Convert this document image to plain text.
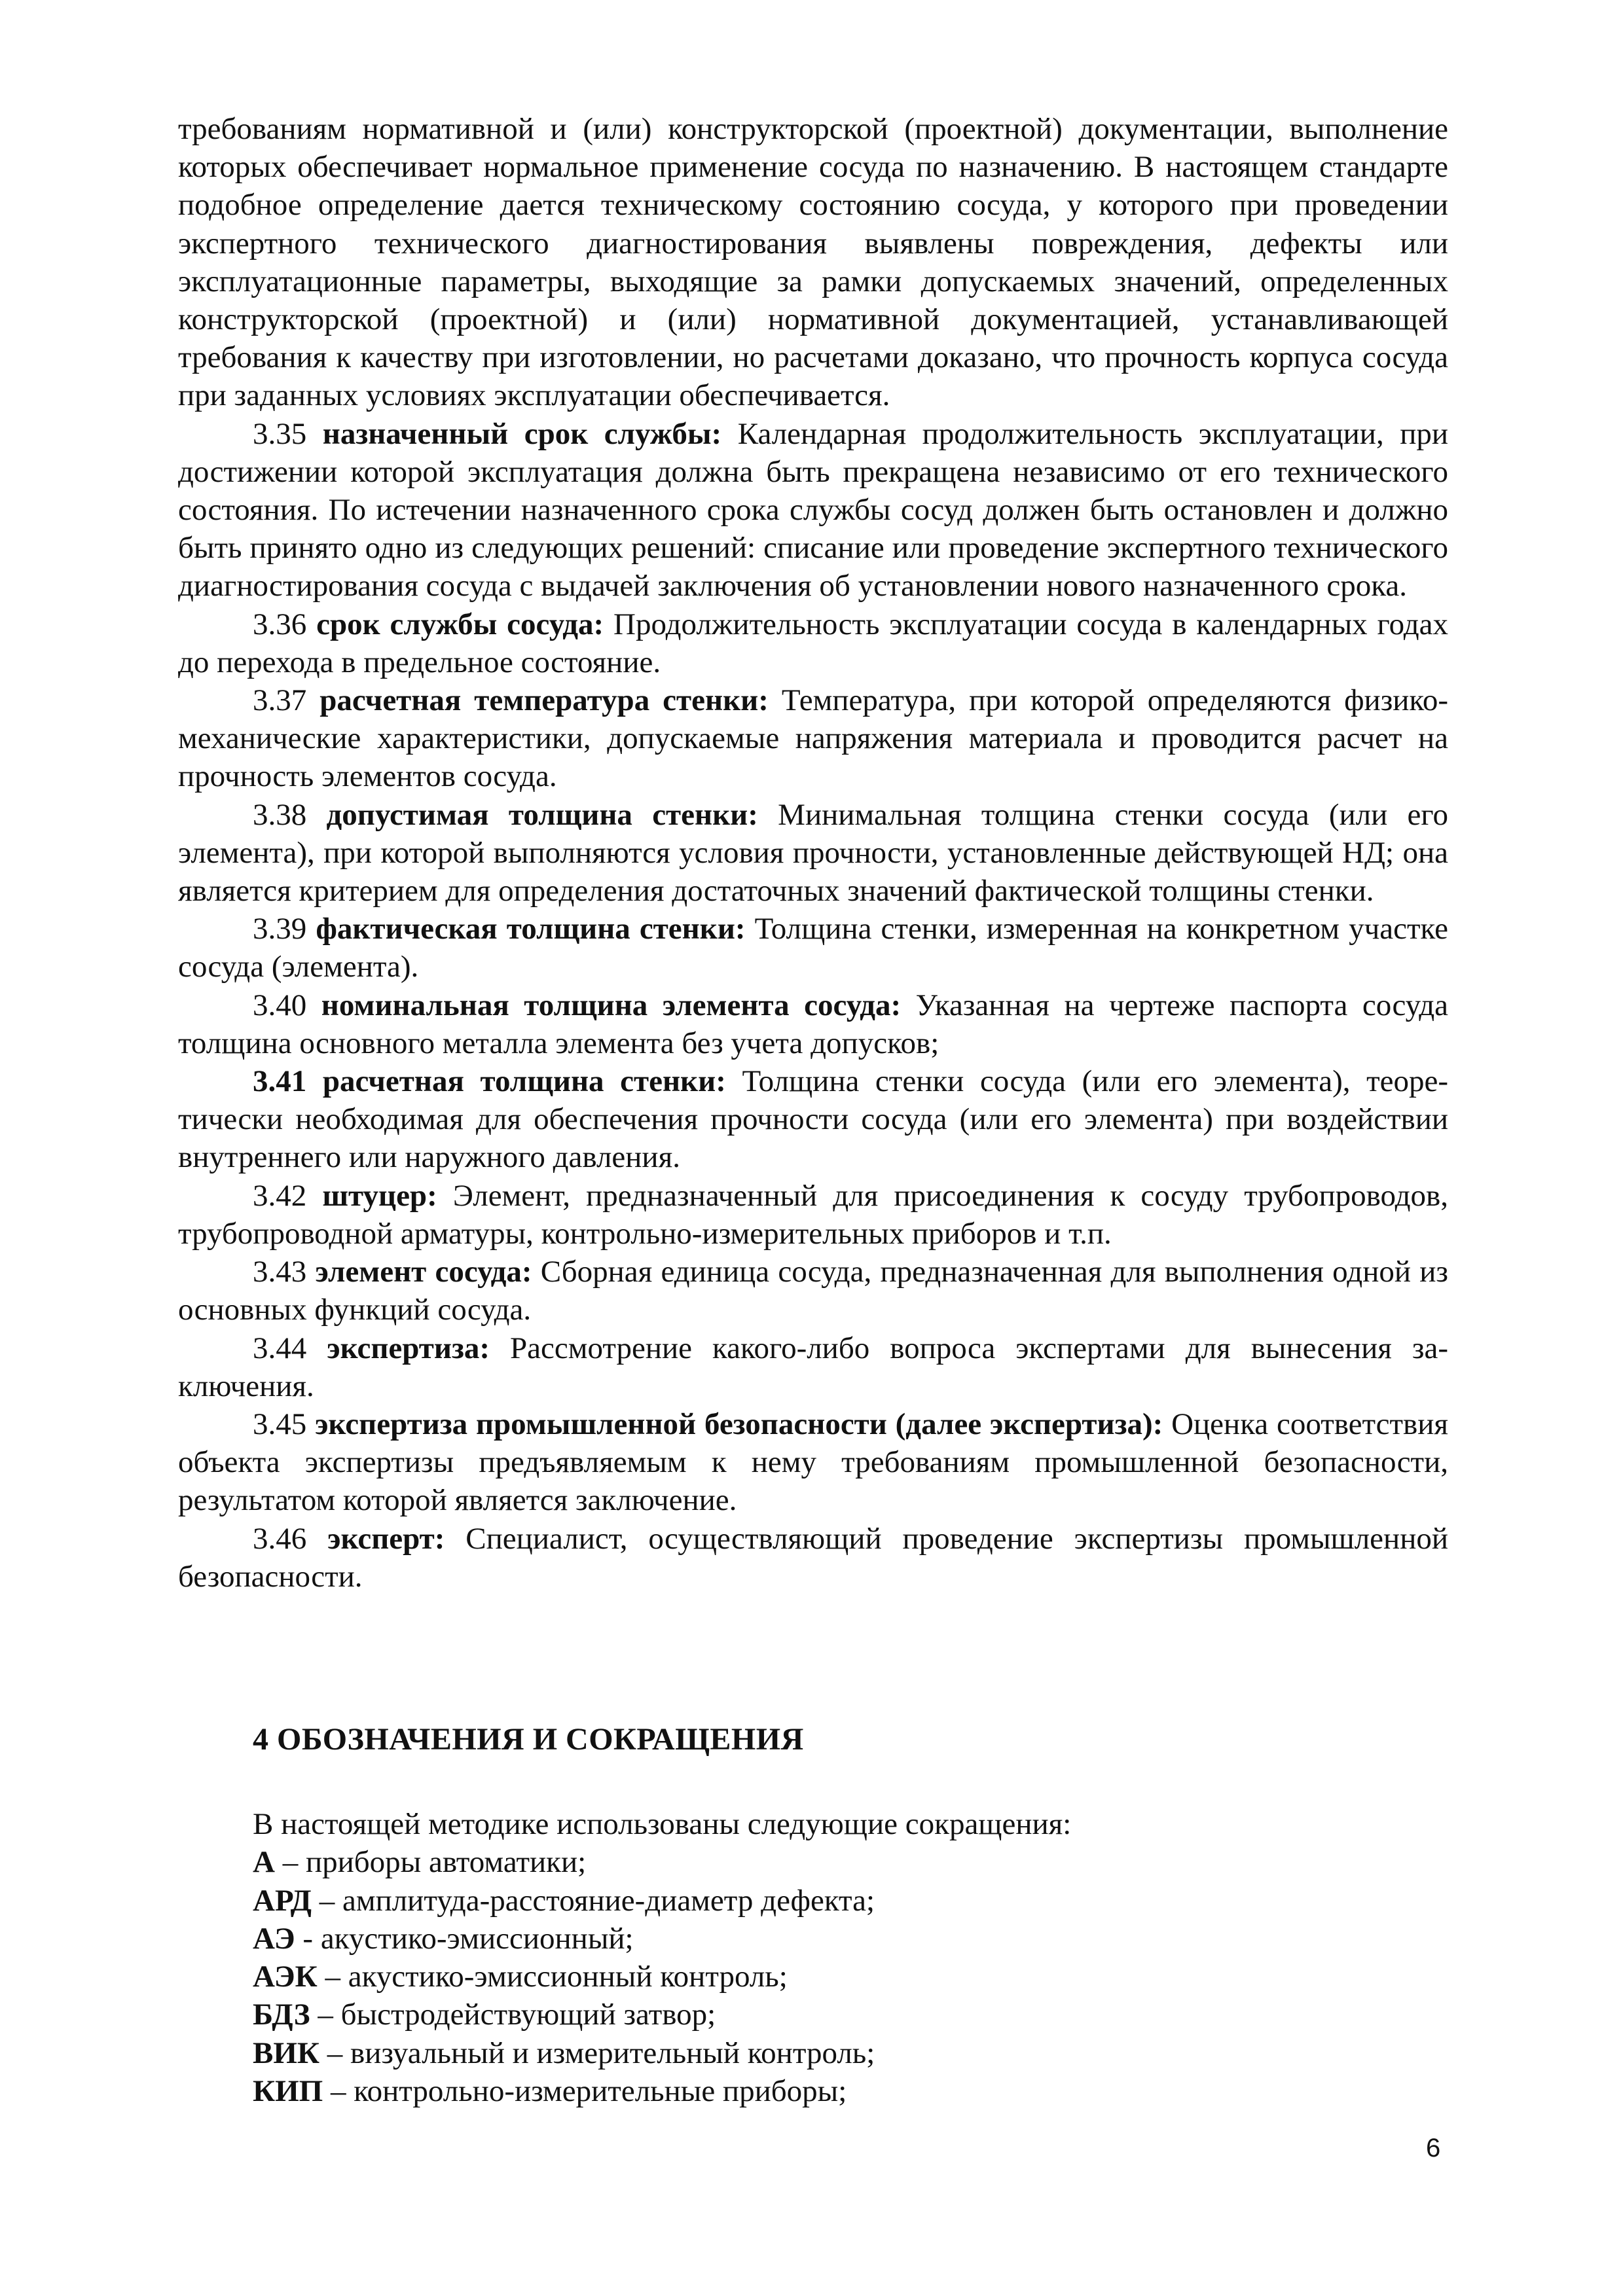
требованиям нормативной и (или) конструкторской (проектной) документации, выполнение которых обеспечивает нормальное применение сосуда по назначению. В настоящем стандарте подобное определение дается техническому состоянию сосуда, у которого при проведении экспертного технического диагностирования выявлены повреждения, дефекты или эксплуатационные параметры, выходящие за рамки допускаемых значений, определенных конструкторской (проектной) и (или) нормативной документацией, устанавливающей требования к качеству при изготовлении, но расчетами доказано, что прочность корпуса сосуда при заданных условиях эксплуатации обеспечивается.

3.35 назначенный срок службы: Календарная продолжительность эксплуатации, при достижении которой эксплуатация должна быть прекращена независимо от его технического состояния. По истечении назначенного срока службы сосуд должен быть остановлен и должно быть принято одно из следующих решений: списание или проведение экспертного технического диагностирования сосуда с выдачей заключения об установлении нового назначенного срока.

3.36 срок службы сосуда: Продолжительность эксплуатации сосуда в календарных годах до перехода в предельное состояние.

3.37 расчетная температура стенки: Температура, при которой определяются физико-механические характеристики, допускаемые напряжения материала и проводится расчет на прочность элементов сосуда.

3.38 допустимая толщина стенки: Минимальная толщина стенки сосуда (или его элемента), при которой выполняются условия прочности, установленные действующей НД; она является критерием для определения достаточных значений фактической толщины стенки.

3.39 фактическая толщина стенки: Толщина стенки, измеренная на конкретном участке сосуда (элемента).

3.40 номинальная толщина элемента сосуда: Указанная на чертеже паспорта сосуда толщина основного металла элемента без учета допусков;

3.41 расчетная толщина стенки: Толщина стенки сосуда (или его элемента), теоретически необходимая для обеспечения прочности сосуда (или его элемента) при воздействии внутреннего или наружного давления.

3.42 штуцер: Элемент, предназначенный для присоединения к сосуду трубопроводов, трубопроводной арматуры, контрольно-измерительных приборов и т.п.

3.43 элемент сосуда: Сборная единица сосуда, предназначенная для выполнения одной из основных функций сосуда.

3.44 экспертиза: Рассмотрение какого-либо вопроса экспертами для вынесения заключения.

3.45 экспертиза промышленной безопасности (далее экспертиза): Оценка соответствия объекта экспертизы предъявляемым к нему требованиям промышленной безопасности, результатом которой является заключение.

3.46 эксперт: Специалист, осуществляющий проведение экспертизы промышленной безопасности.

4 ОБОЗНАЧЕНИЯ И СОКРАЩЕНИЯ

В настоящей методике использованы следующие сокращения:

А – приборы автоматики;

АРД – амплитуда-расстояние-диаметр дефекта;

АЭ - акустико-эмиссионный;

АЭК – акустико-эмиссионный контроль;

БДЗ – быстродействующий затвор;

ВИК – визуальный и измерительный контроль;

КИП – контрольно-измерительные приборы;

6
